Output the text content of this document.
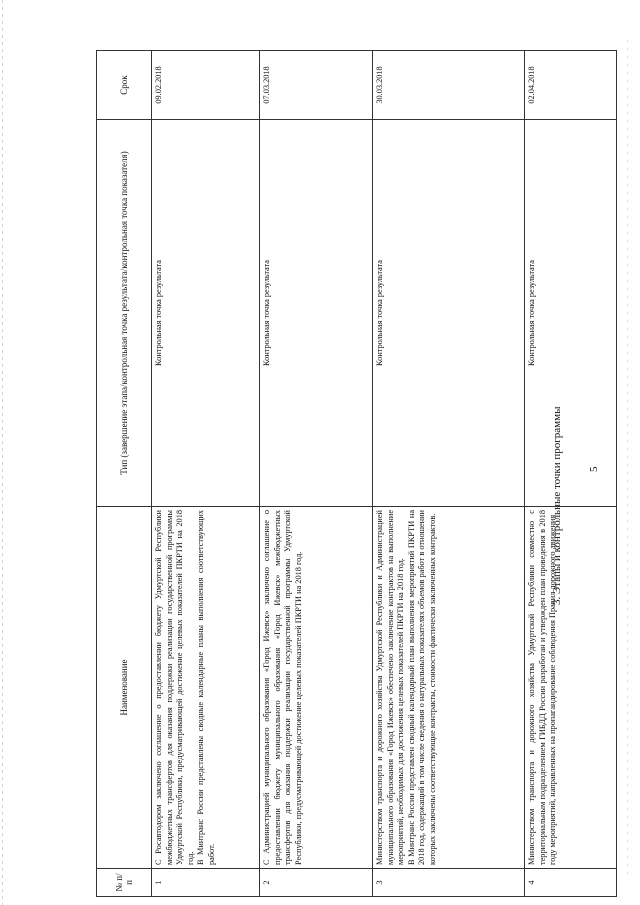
5
3. Этапы и контрольные точки программы
№ п/п	Наименование	Тип (завершение этапа/контрольная точка результата/контрольная точка показателя)	Срок
1	С Росавтодором заключено соглашение о предоставлении бюджету Удмуртской Республики межбюджетных трансфертов для оказания поддержки реализации государственной программы Удмуртской Республики, предусматривающей достижение целевых показателей ПКРТИ на 2018 год.
В Минтранс России представлены сводные календарные планы выполнения соответствующих работ.	Контрольная точка результата	09.02.2018
2	С Администрацией муниципального образования «Город Ижевск» заключено соглашение о предоставлении бюджету муниципального образования «Город Ижевск» межбюджетных трансфертов для оказания поддержки реализации государственной программы Удмуртской Республики, предусматривающей достижение целевых показателей ПКРТИ на 2018 год.	Контрольная точка результата	07.03.2018
3	Министерством транспорта и дорожного хозяйства Удмуртской Республики и Администрацией муниципального образования «Город Ижевск» обеспечено заключение контрактов на выполнение мероприятий, необходимых для достижения целевых показателей ПКРТИ на 2018 год.
В Минтранс России представлен сводный календарный план выполнения мероприятий ПКРТИ на 2018 год, содержащий в том числе сведения о натуральных показателях объемов работ в отношении которых заключены соответствующие контракты, стоимости фактически заключенных контрактов.	Контрольная точка результата	30.03.2018
4	Министерством транспорта и дорожного хозяйства Удмуртской Республики совместно с территориальным подразделением ГИБДД России разработан и утвержден план проведения в 2018 году мероприятий, направленных на пропагандирование соблюдения Правил дорожного движения	Контрольная точка результата	02.04.2018
